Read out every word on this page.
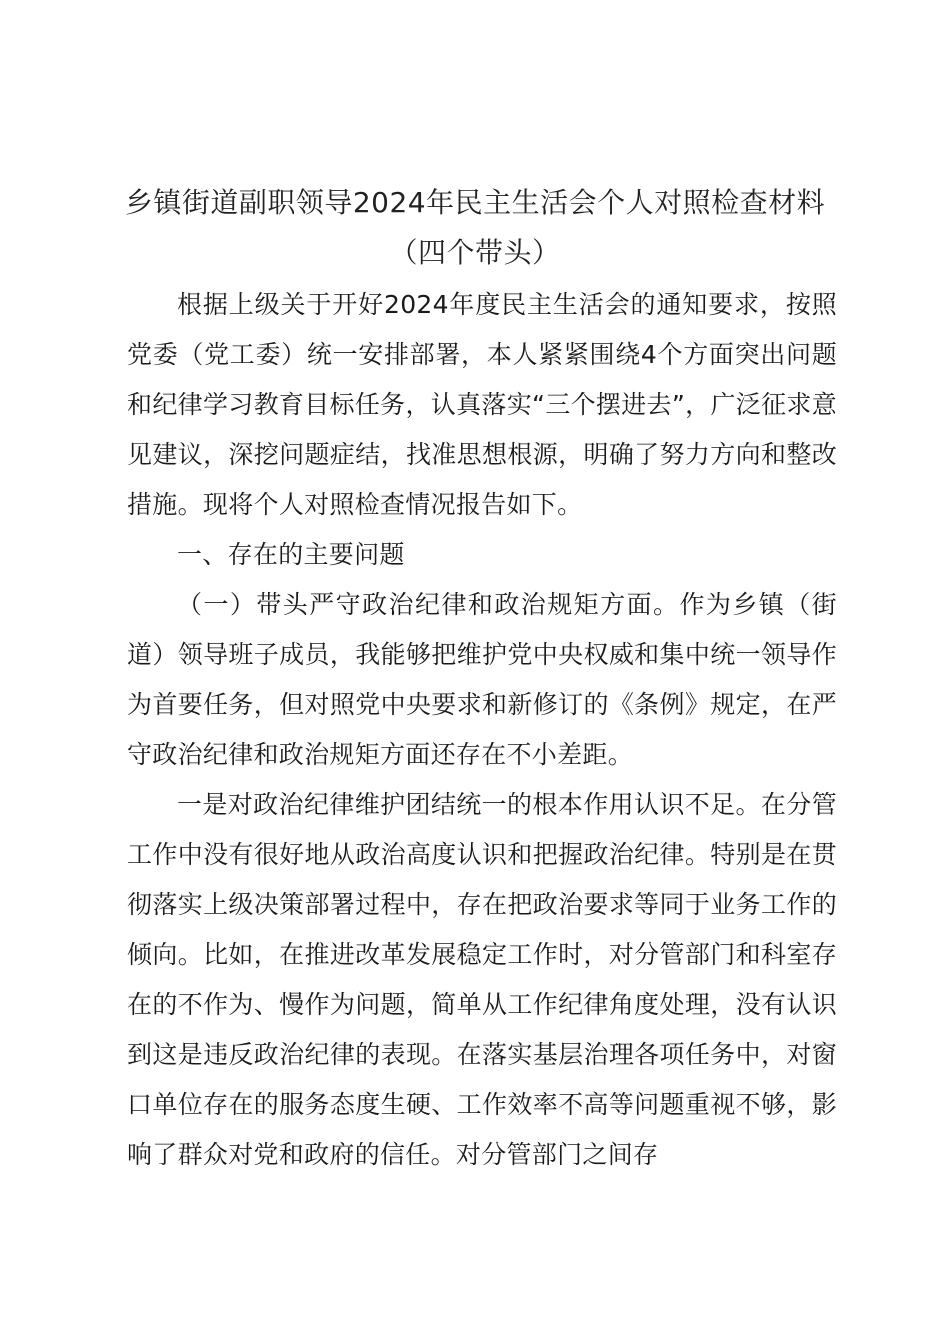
乡镇街道副职领导2024年民主生活会个人对照检查材料（四个带头）

根据上级关于开好2024年度民主生活会的通知要求，按照党委（党工委）统一安排部署，本人紧紧围绕4个方面突出问题和纪律学习教育目标任务，认真落实“三个摆进去”，广泛征求意见建议，深挖问题症结，找准思想根源，明确了努力方向和整改措施。现将个人对照检查情况报告如下。

一、存在的主要问题

（一）带头严守政治纪律和政治规矩方面。作为乡镇（街道）领导班子成员，我能够把维护党中央权威和集中统一领导作为首要任务，但对照党中央要求和新修订的《条例》规定，在严守政治纪律和政治规矩方面还存在不小差距。

一是对政治纪律维护团结统一的根本作用认识不足。在分管工作中没有很好地从政治高度认识和把握政治纪律。特别是在贯彻落实上级决策部署过程中，存在把政治要求等同于业务工作的倾向。比如，在推进改革发展稳定工作时，对分管部门和科室存在的不作为、慢作为问题，简单从工作纪律角度处理，没有认识到这是违反政治纪律的表现。在落实基层治理各项任务中，对窗口单位存在的服务态度生硬、工作效率不高等问题重视不够，影响了群众对党和政府的信任。对分管部门之间存
